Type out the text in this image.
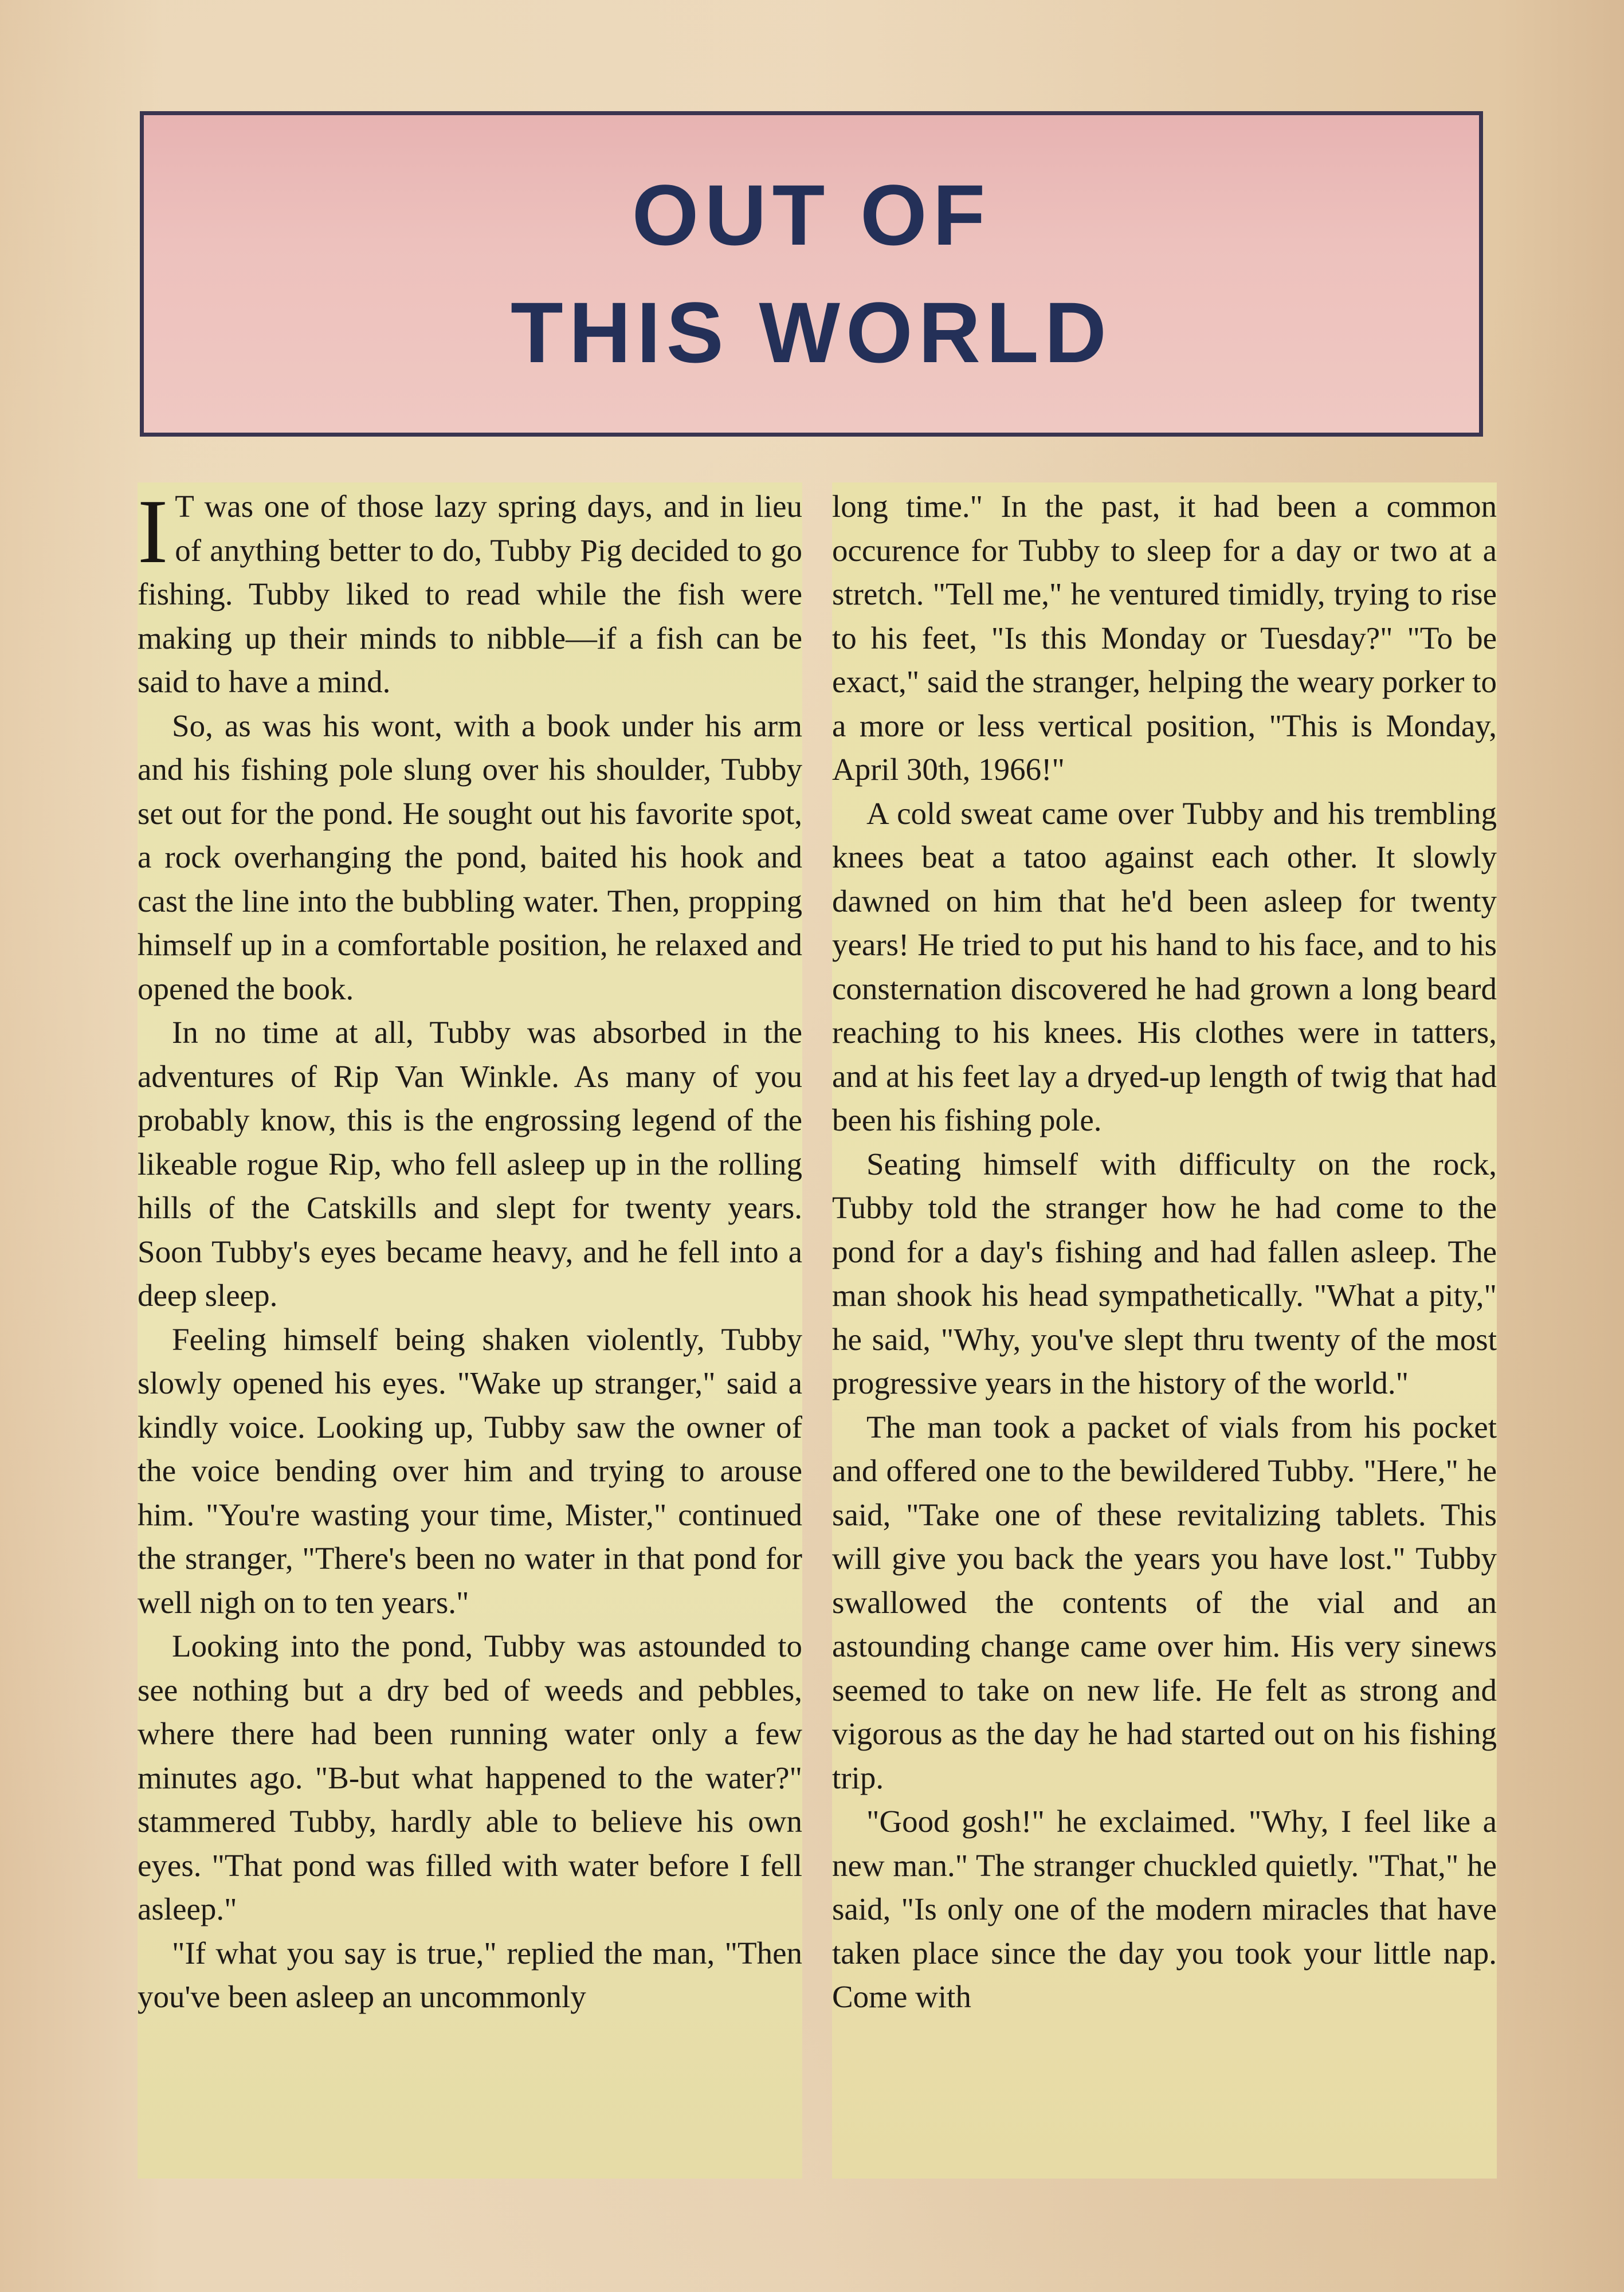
OUT OF
THIS WORLD

I T was one of those lazy spring days, and in lieu of anything better to do, Tubby Pig decided to go fishing. Tubby liked to read while the fish were making up their minds to nibble—if a fish can be said to have a mind.

So, as was his wont, with a book under his arm and his fishing pole slung over his shoulder, Tubby set out for the pond. He sought out his favorite spot, a rock overhanging the pond, baited his hook and cast the line into the bubbling water. Then, propping himself up in a comfortable position, he relaxed and opened the book.

In no time at all, Tubby was absorbed in the adventures of Rip Van Winkle. As many of you probably know, this is the engrossing legend of the likeable rogue Rip, who fell asleep up in the rolling hills of the Catskills and slept for twenty years. Soon Tubby's eyes became heavy, and he fell into a deep sleep.

Feeling himself being shaken violently, Tubby slowly opened his eyes. "Wake up stranger," said a kindly voice. Looking up, Tubby saw the owner of the voice bending over him and trying to arouse him. "You're wasting your time, Mister," continued the stranger, "There's been no water in that pond for well nigh on to ten years."

Looking into the pond, Tubby was astounded to see nothing but a dry bed of weeds and pebbles, where there had been running water only a few minutes ago. "B-but what happened to the water?" stammered Tubby, hardly able to believe his own eyes. "That pond was filled with water before I fell asleep."

"If what you say is true," replied the man, "Then you've been asleep an uncommonly

long time." In the past, it had been a common occurence for Tubby to sleep for a day or two at a stretch. "Tell me," he ventured timidly, trying to rise to his feet, "Is this Monday or Tuesday?" "To be exact," said the stranger, helping the weary porker to a more or less vertical position, "This is Monday, April 30th, 1966!"

A cold sweat came over Tubby and his trembling knees beat a tatoo against each other. It slowly dawned on him that he'd been asleep for twenty years! He tried to put his hand to his face, and to his consternation discovered he had grown a long beard reaching to his knees. His clothes were in tatters, and at his feet lay a dryed-up length of twig that had been his fishing pole.

Seating himself with difficulty on the rock, Tubby told the stranger how he had come to the pond for a day's fishing and had fallen asleep. The man shook his head sympathetically. "What a pity," he said, "Why, you've slept thru twenty of the most progressive years in the history of the world."

The man took a packet of vials from his pocket and offered one to the bewildered Tubby. "Here," he said, "Take one of these revitalizing tablets. This will give you back the years you have lost." Tubby swallowed the contents of the vial and an astounding change came over him. His very sinews seemed to take on new life. He felt as strong and vigorous as the day he had started out on his fishing trip.

"Good gosh!" he exclaimed. "Why, I feel like a new man." The stranger chuckled quietly. "That," he said, "Is only one of the modern miracles that have taken place since the day you took your little nap. Come with
